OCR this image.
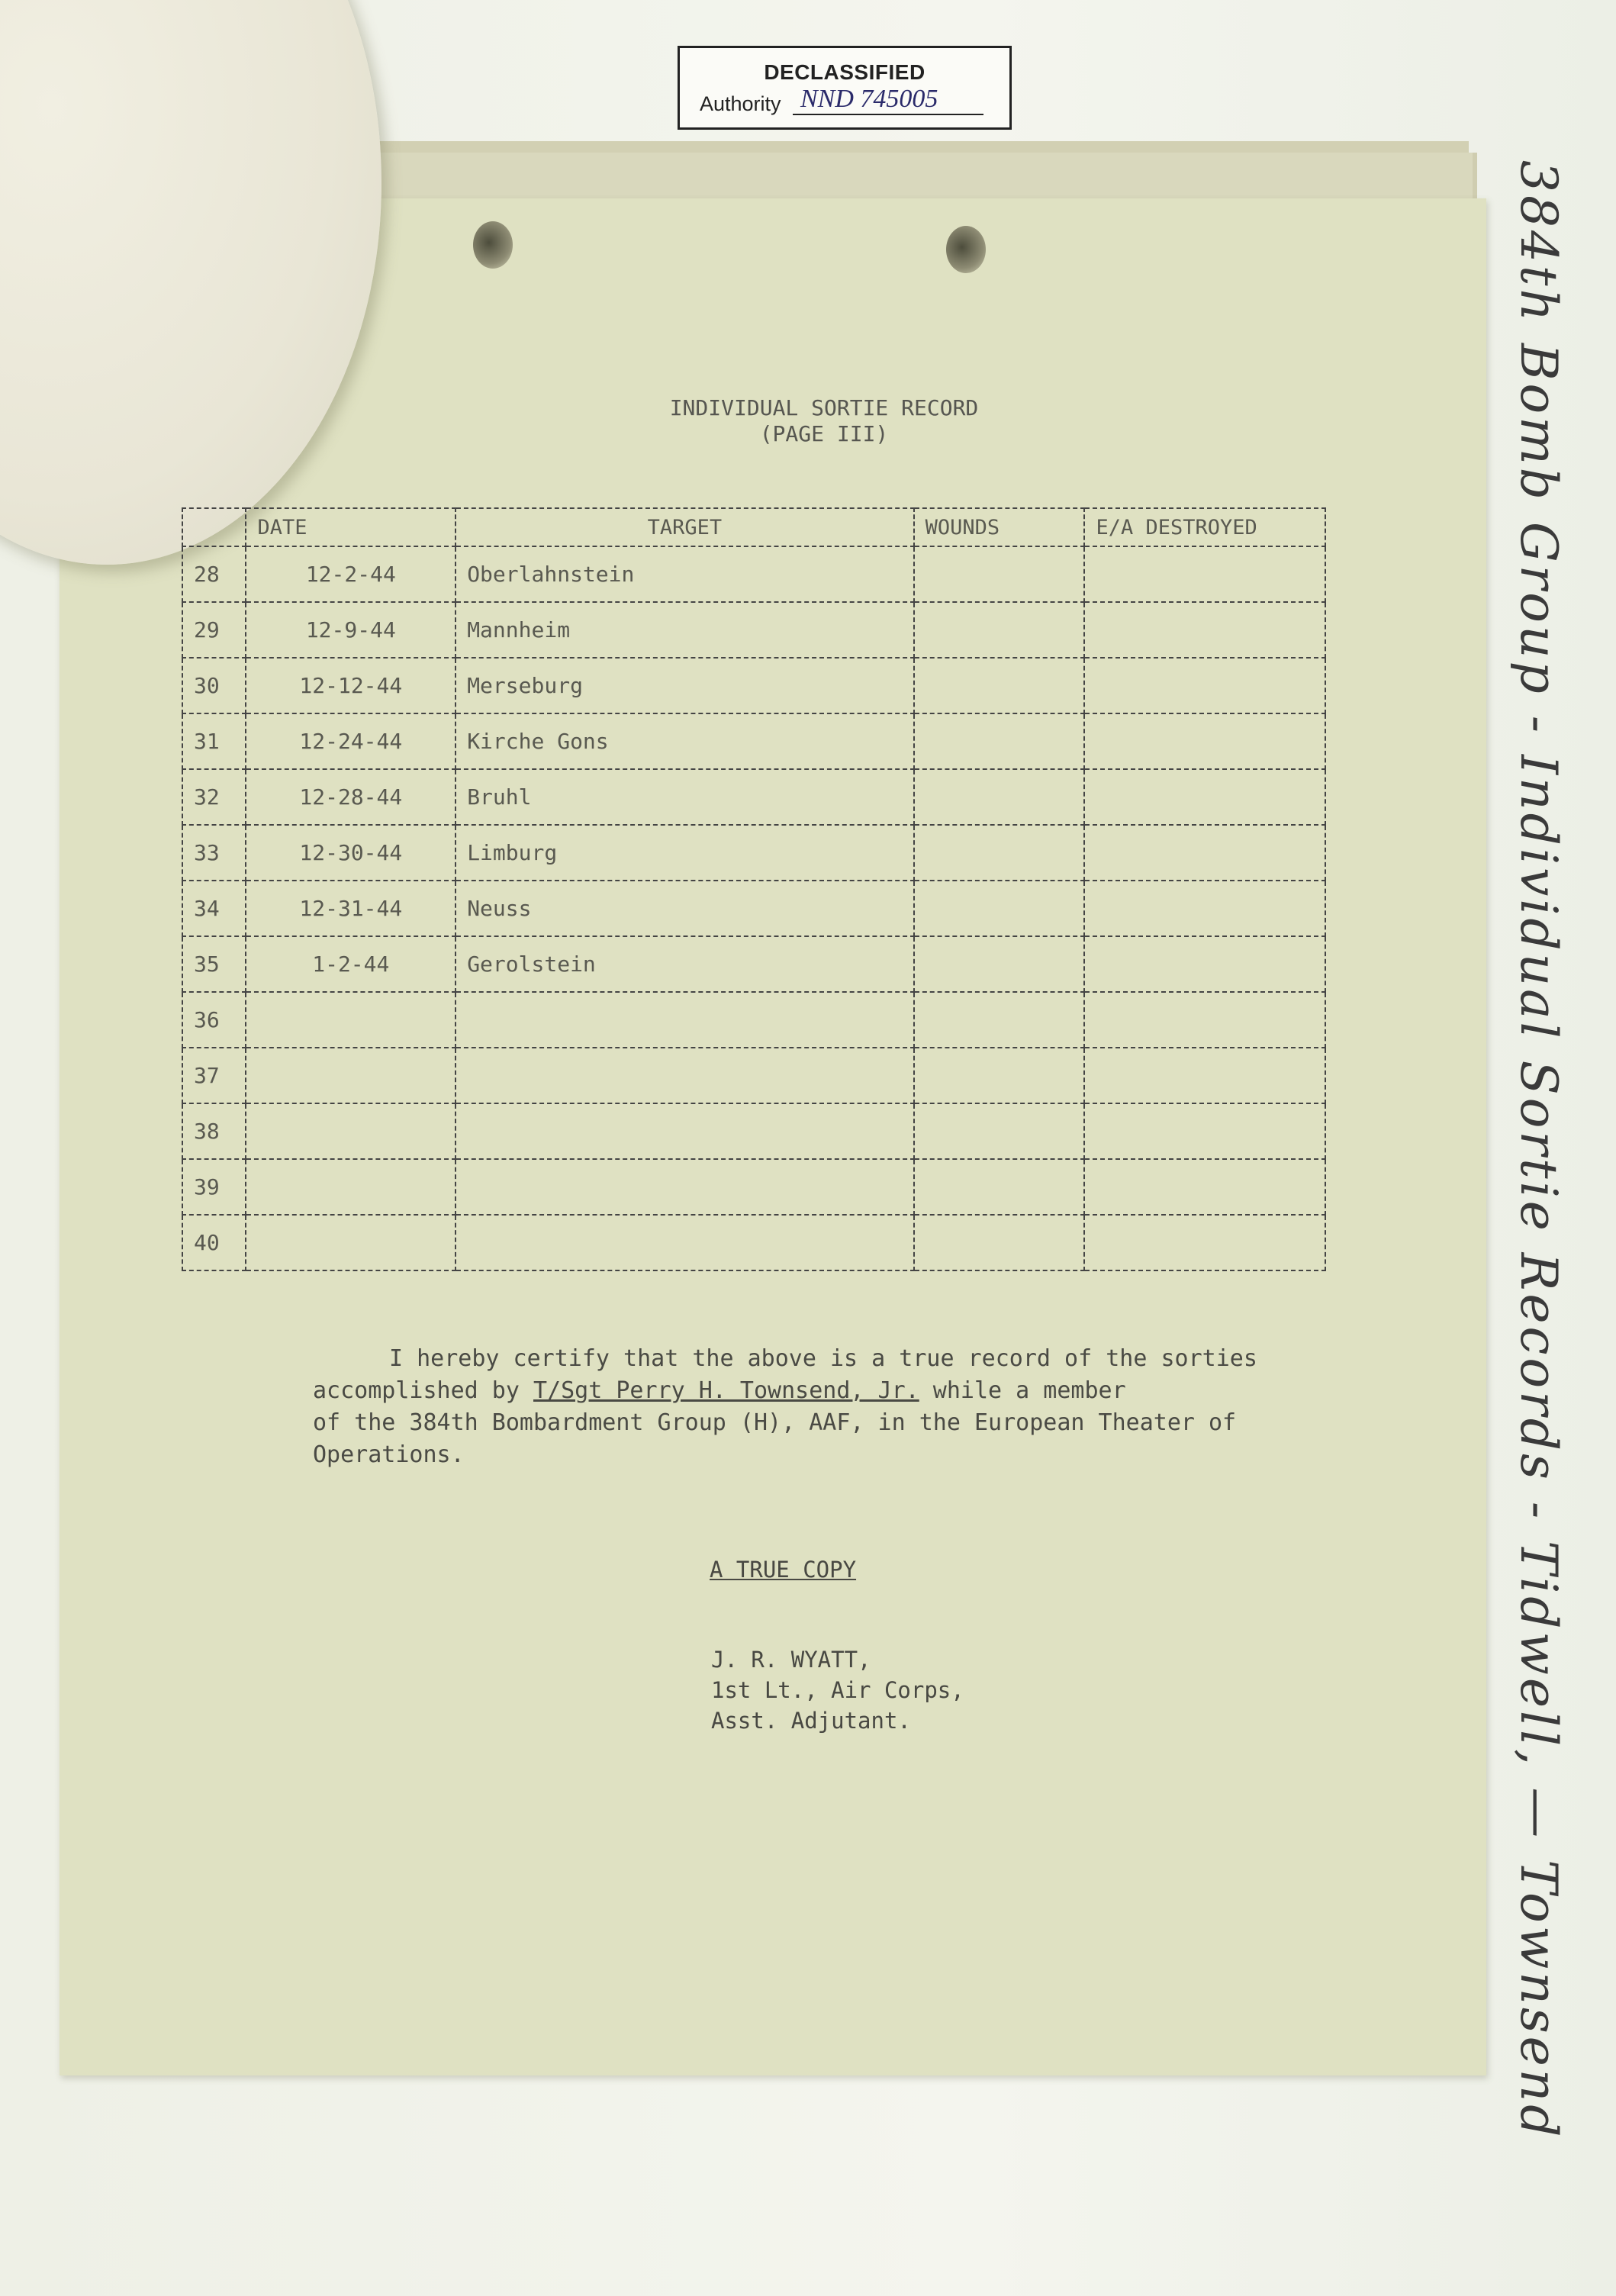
DECLASSIFIED
Authority NND 745005
384th Bomb Group - Individual Sortie Records - Tidwell, — Townsend
INDIVIDUAL SORTIE RECORD
(PAGE III)
	DATE	TARGET	WOUNDS	E/A DESTROYED
28	12-2-44	Oberlahnstein		
29	12-9-44	Mannheim		
30	12-12-44	Merseburg		
31	12-24-44	Kirche Gons		
32	12-28-44	Bruhl		
33	12-30-44	Limburg		
34	12-31-44	Neuss		
35	1-2-44	Gerolstein		
36				
37				
38				
39				
40				

I hereby certify that the above is a true record of the sorties

accomplished by T/Sgt Perry H. Townsend, Jr. while a member

of the 384th Bombardment Group (H), AAF, in the European Theater of

Operations.

A TRUE COPY
J. R. WYATT,
1st Lt., Air Corps,
Asst. Adjutant.
